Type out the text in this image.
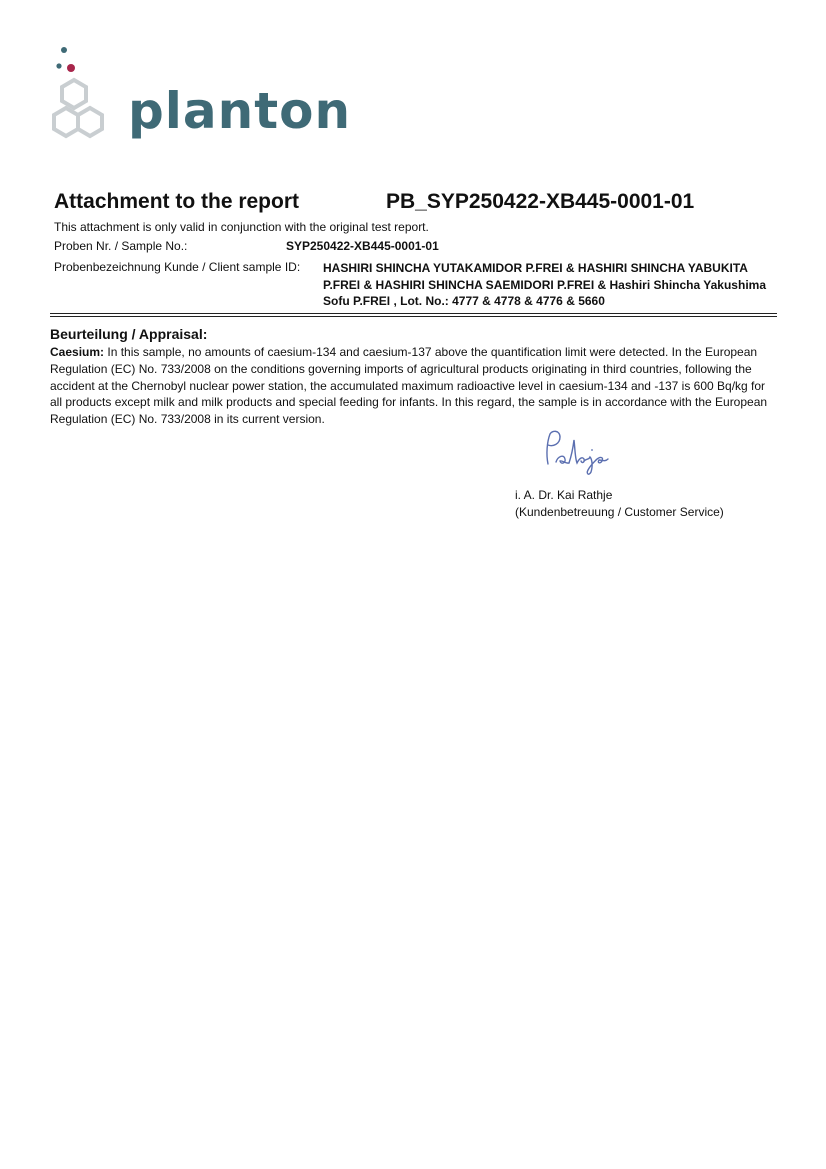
planton
Attachment to the report	PB_SYP250422-XB445-0001-01
This attachment is only valid in conjunction with the original test report.
Proben Nr. / Sample No.:	SYP250422-XB445-0001-01
Probenbezeichnung Kunde / Client sample ID: HASHIRI SHINCHA YUTAKAMIDOR P.FREI & HASHIRI SHINCHA YABUKITA P.FREI & HASHIRI SHINCHA SAEMIDORI P.FREI & Hashiri Shincha Yakushima Sofu P.FREI , Lot. No.: 4777 & 4778 & 4776 & 5660
Beurteilung / Appraisal:
Caesium: In this sample, no amounts of caesium-134 and caesium-137 above the quantification limit were detected. In the European Regulation (EC) No. 733/2008 on the conditions governing imports of agricultural products originating in third countries, following the accident at the Chernobyl nuclear power station, the accumulated maximum radioactive level in caesium-134 and -137 is 600 Bq/kg for all products except milk and milk products and special feeding for infants. In this regard, the sample is in accordance with the European Regulation (EC) No. 733/2008 in its current version.
i. A. Dr. Kai Rathje
(Kundenbetreuung / Customer Service)
